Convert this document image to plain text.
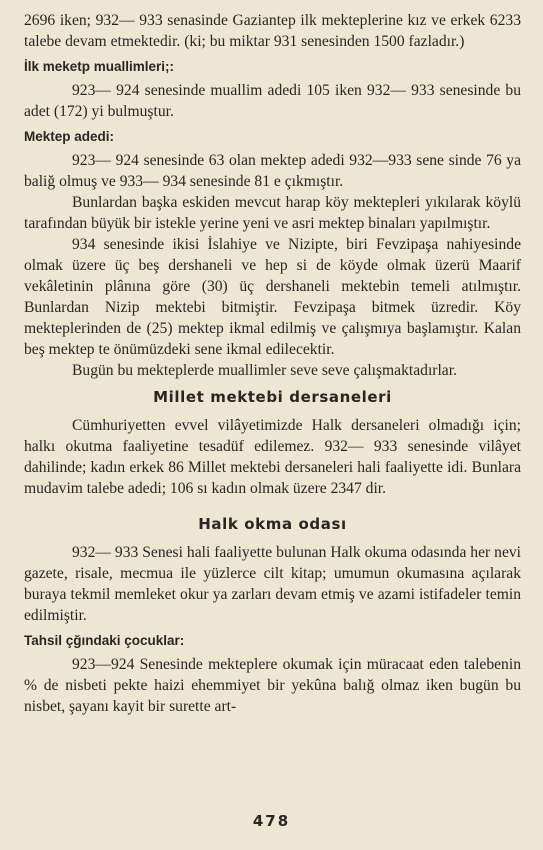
2696 iken; 932— 933 senasinde Gaziantep ilk mekteplerine kız ve erkek 6233 talebe devam etmektedir. (ki; bu miktar 931 senesinden 1500 fazladır.)

İlk meketp muallimleri;:

923— 924 senesinde muallim adedi 105 iken 932— 933 senesinde bu adet (172) yi bulmuştur.

Mektep adedi:

923— 924 senesinde 63 olan mektep adedi 932—933 sene sinde 76 ya baliğ olmuş ve 933— 934 senesinde 81 e çıkmıştır.

Bunlardan başka eskiden mevcut harap köy mektepleri yıkılarak köylü tarafından büyük bir istekle yerine yeni ve asri mektep binaları yapılmıştır.

934 senesinde ikisi İslahiye ve Nizipte, biri Fevzipaşa nahiyesinde olmak üzere üç beş dershaneli ve hep si de köyde olmak üzerü Maarif vekâletinin plânına göre (30) üç dershaneli mektebin temeli atılmıştır. Bunlardan Nizip mektebi bitmiştir. Fevzipaşa bitmek üzredir. Köy mekteplerinden de (25) mektep ikmal edilmiş ve çalışmıya başlamıştır. Kalan beş mektep te önümüzdeki sene ikmal edilecektir.

Bugün bu mekteplerde muallimler seve seve çalışmaktadırlar.

Millet mektebi dersaneleri

Cümhuriyetten evvel vilâyetimizde Halk dersaneleri olmadığı için; halkı okutma faaliyetine tesadüf edilemez. 932— 933 senesinde vilâyet dahilinde; kadın erkek 86 Millet mektebi dersaneleri hali faaliyette idi. Bunlara mudavim talebe adedi; 106 sı kadın olmak üzere 2347 dir.

Halk okma odası

932— 933 Senesi hali faaliyette bulunan Halk okuma odasında her nevi gazete, risale, mecmua ile yüzlerce cilt kitap; umumun okumasına açılarak buraya tekmil memleket okur ya zarları devam etmiş ve azami istifadeler temin edilmiştir.

Tahsil çğındaki çocuklar:

923—924 Senesinde mekteplere okumak için müracaat eden talebenin % de nisbeti pekte haizi ehemmiyet bir yekûna balığ olmaz iken bugün bu nisbet, şayanı kayit bir surette art-

478
